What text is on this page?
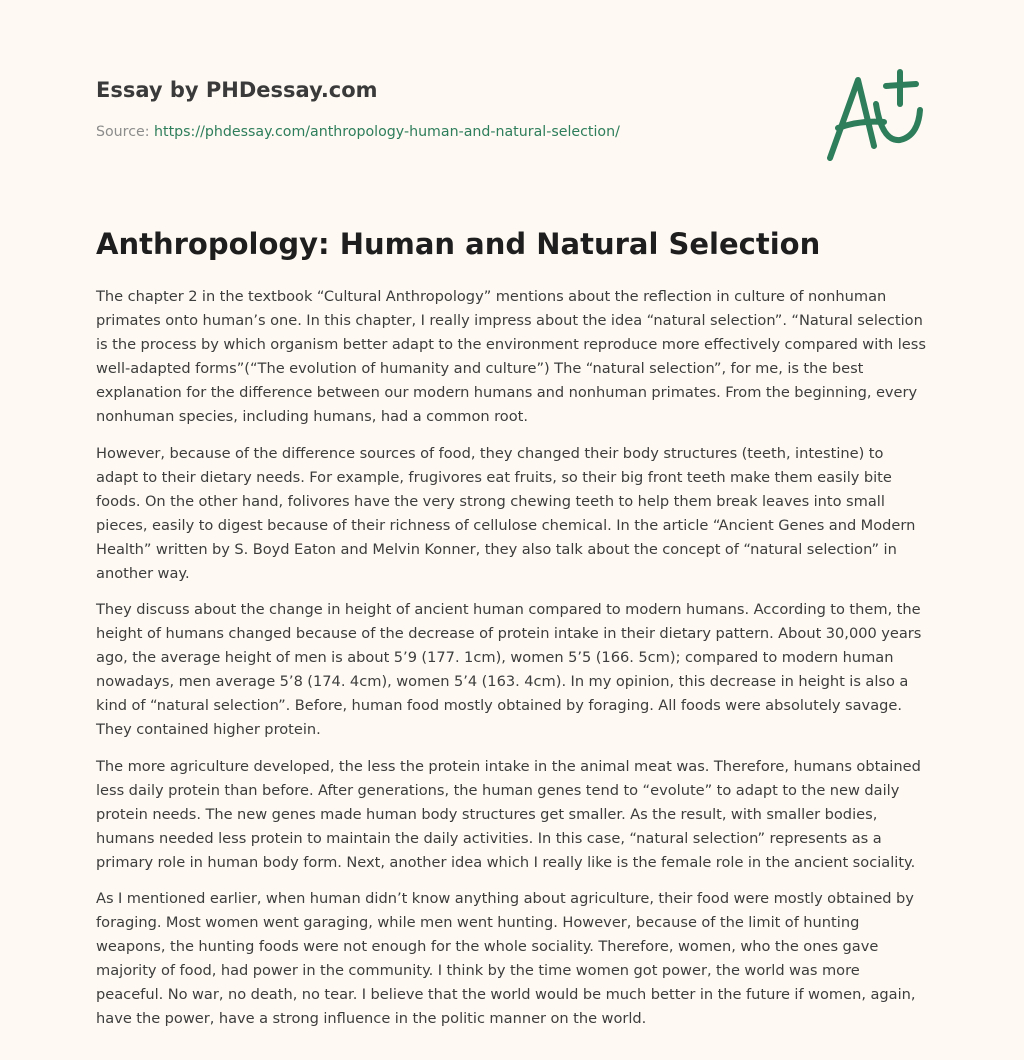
Essay by PHDessay.com
Source: https://phdessay.com/anthropology-human-and-natural-selection/
Anthropology: Human and Natural Selection

The chapter 2 in the textbook “Cultural Anthropology” mentions about the reflection in culture of nonhuman primates onto human’s one. In this chapter, I really impress about the idea “natural selection”. “Natural selection is the process by which organism better adapt to the environment reproduce more effectively compared with less well-adapted forms”(“The evolution of humanity and culture”) The “natural selection”, for me, is the best explanation for the difference between our modern humans and nonhuman primates. From the beginning, every nonhuman species, including humans, had a common root.

However, because of the difference sources of food, they changed their body structures (teeth, intestine) to adapt to their dietary needs. For example, frugivores eat fruits, so their big front teeth make them easily bite foods. On the other hand, folivores have the very strong chewing teeth to help them break leaves into small pieces, easily to digest because of their richness of cellulose chemical. In the article “Ancient Genes and Modern Health” written by S. Boyd Eaton and Melvin Konner, they also talk about the concept of “natural selection” in another way.

They discuss about the change in height of ancient human compared to modern humans. According to them, the height of humans changed because of the decrease of protein intake in their dietary pattern. About 30,000 years ago, the average height of men is about 5’9 (177. 1cm), women 5’5 (166. 5cm); compared to modern human nowadays, men average 5’8 (174. 4cm), women 5’4 (163. 4cm). In my opinion, this decrease in height is also a kind of “natural selection”. Before, human food mostly obtained by foraging. All foods were absolutely savage. They contained higher protein.

The more agriculture developed, the less the protein intake in the animal meat was. Therefore, humans obtained less daily protein than before. After generations, the human genes tend to “evolute” to adapt to the new daily protein needs. The new genes made human body structures get smaller. As the result, with smaller bodies, humans needed less protein to maintain the daily activities. In this case, “natural selection” represents as a primary role in human body form. Next, another idea which I really like is the female role in the ancient sociality.

As I mentioned earlier, when human didn’t know anything about agriculture, their food were mostly obtained by foraging. Most women went garaging, while men went hunting. However, because of the limit of hunting weapons, the hunting foods were not enough for the whole sociality. Therefore, women, who the ones gave majority of food, had power in the community. I think by the time women got power, the world was more peaceful. No war, no death, no tear. I believe that the world would be much better in the future if women, again, have the power, have a strong influence in the politic manner on the world.
